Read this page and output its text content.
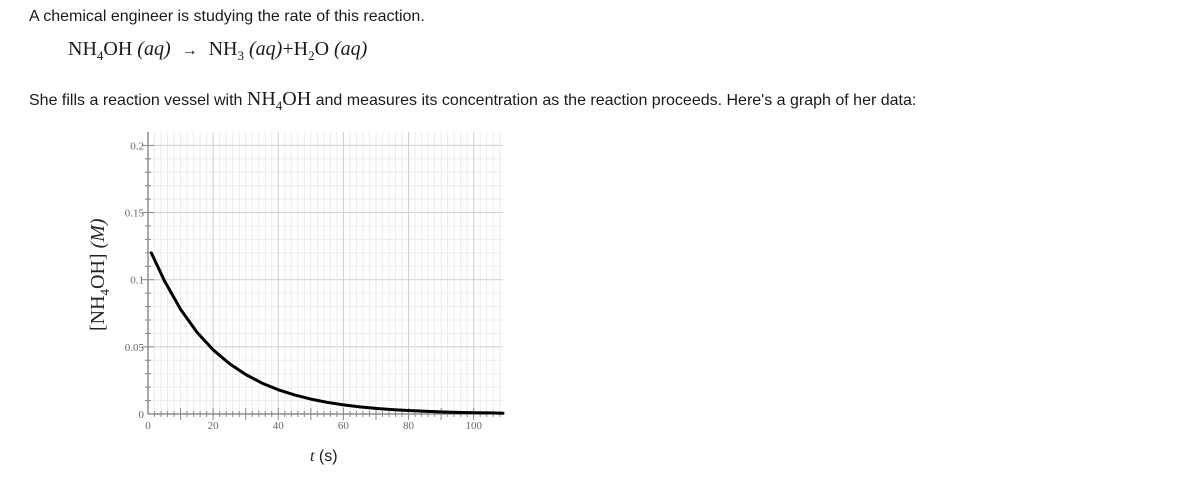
A chemical engineer is studying the rate of this reaction.
$NH_4OH$ $(aq) \to NH_3$ $(aq)+H_2O$ (aq)
She fills a reaction vessel with $NH_4OH$ and measures its concentration as the reaction proceeds. Here's a graph of her data:
0	20	40	60	80	100
0
0.05
0.1
0.15
0.2
$[NH_4OH]$ (M)
t (s)
